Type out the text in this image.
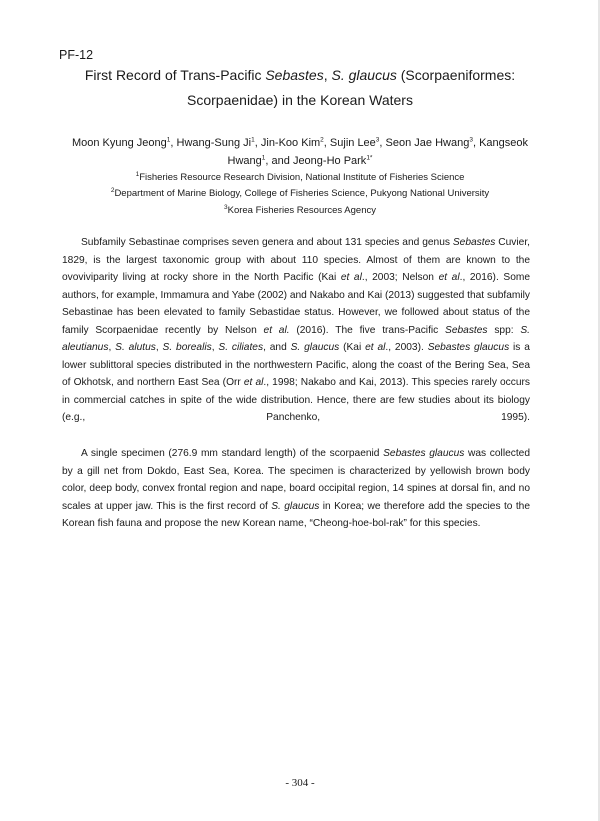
PF-12
First Record of Trans-Pacific Sebastes, S. glaucus (Scorpaeniformes:
Scorpaenidae) in the Korean Waters
Moon Kyung Jeong$^1$, Hwang-Sung Ji$^1$, Jin-Koo Kim$^2$, Sujin Lee$^3$, Seon Jae Hwang$^3$, Kangseok
Hwang$^1$, and Jeong-Ho Park$^{1*}$
$^1$Fisheries Resource Research Division, National Institute of Fisheries Science
$^2$Department of Marine Biology, College of Fisheries Science, Pukyong National University
$^3$Korea Fisheries Resources Agency

Subfamily Sebastinae comprises seven genera and about 131 species and genus Sebastes Cuvier, 1829, is the largest taxonomic group with about 110 species. Almost of them are known to the ovoviviparity living at rocky shore in the North Pacific (Kai et al., 2003; Nelson et al., 2016). Some authors, for example, Immamura and Yabe (2002) and Nakabo and Kai (2013) suggested that subfamily Sebastinae has been elevated to family Sebastidae status. However, we followed about status of the family Scorpaenidae recently by Nelson et al. (2016). The five trans-Pacific Sebastes spp: S. aleutianus, S. alutus, S. borealis, S. ciliates, and S. glaucus (Kai et al., 2003). Sebastes glaucus is a lower sublittoral species distributed in the northwestern Pacific, along the coast of the Bering Sea, Sea of Okhotsk, and northern East Sea (Orr et al., 1998; Nakabo and Kai, 2013). This species rarely occurs in commercial catches in spite of the wide distribution. Hence, there are few studies about its biology (e.g., Panchenko, 1995).

A single specimen (276.9 mm standard length) of the scorpaenid Sebastes glaucus was collected by a gill net from Dokdo, East Sea, Korea. The specimen is characterized by yellowish brown body color, deep body, convex frontal region and nape, board occipital region, 14 spines at dorsal fin, and no scales at upper jaw. This is the first record of S. glaucus in Korea; we therefore add the species to the Korean fish fauna and propose the new Korean name, “Cheong-hoe-bol-rak” for this species.

- 304 -
